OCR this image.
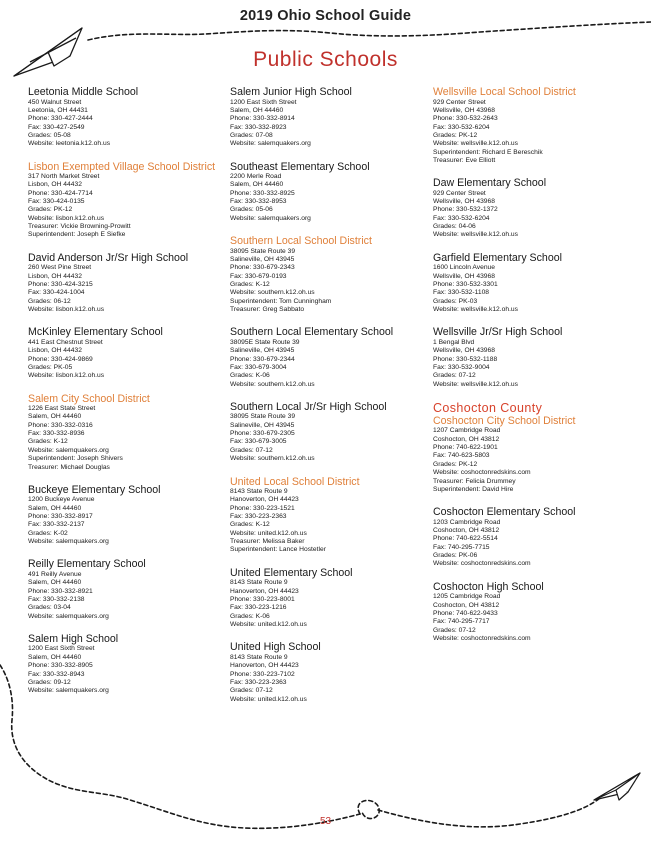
2019 Ohio School Guide
Public Schools
Leetonia Middle School
450 Walnut Street
Leetonia, OH 44431
Phone: 330-427-2444
Fax: 330-427-2549
Grades: 05-08
Website: leetonia.k12.oh.us
Lisbon Exempted Village School District
317 North Market Street
Lisbon, OH 44432
Phone: 330-424-7714
Fax: 330-424-0135
Grades: PK-12
Website: lisbon.k12.oh.us
Treasurer: Vickie Browning-Prowitt
Superintendent: Joseph E Siefke
David Anderson Jr/Sr High School
260 West Pine Street
Lisbon, OH 44432
Phone: 330-424-3215
Fax: 330-424-1004
Grades: 06-12
Website: lisbon.k12.oh.us
McKinley Elementary School
441 East Chestnut Street
Lisbon, OH 44432
Phone: 330-424-9869
Grades: PK-05
Website: lisbon.k12.oh.us
Salem City School District
1226 East State Street
Salem, OH 44460
Phone: 330-332-0316
Fax: 330-332-8936
Grades: K-12
Website: salemquakers.org
Superintendent: Joseph Shivers
Treasurer: Michael Douglas
Buckeye Elementary School
1200 Buckeye Avenue
Salem, OH 44460
Phone: 330-332-8917
Fax: 330-332-2137
Grades: K-02
Website: salemquakers.org
Reilly Elementary School
491 Reilly Avenue
Salem, OH 44460
Phone: 330-332-8921
Fax: 330-332-2138
Grades: 03-04
Website: salemquakers.org
Salem High School
1200 East Sixth Street
Salem, OH 44460
Phone: 330-332-8905
Fax: 330-332-8943
Grades: 09-12
Website: salemquakers.org
Salem Junior High School
1200 East Sixth Street
Salem, OH 44460
Phone: 330-332-8914
Fax: 330-332-8923
Grades: 07-08
Website: salemquakers.org
Southeast Elementary School
2200 Merle Road
Salem, OH 44460
Phone: 330-332-8925
Fax: 330-332-8953
Grades: 05-06
Website: salemquakers.org
Southern Local School District
38095 State Route 39
Salineville, OH 43945
Phone: 330-679-2343
Fax: 330-679-0193
Grades: K-12
Website: southern.k12.oh.us
Superintendent: Tom Cunningham
Treasurer: Greg Sabbato
Southern Local Elementary School
38095E State Route 39
Salineville, OH 43945
Phone: 330-679-2344
Fax: 330-679-3004
Grades: K-06
Website: southern.k12.oh.us
Southern Local Jr/Sr High School
38095 State Route 39
Salineville, OH 43945
Phone: 330-679-2305
Fax: 330-679-3005
Grades: 07-12
Website: southern.k12.oh.us
United Local School District
8143 State Route 9
Hanoverton, OH 44423
Phone: 330-223-1521
Fax: 330-223-2363
Grades: K-12
Website: united.k12.oh.us
Treasurer: Melissa Baker
Superintendent: Lance Hostetler
United Elementary School
8143 State Route 9
Hanoverton, OH 44423
Phone: 330-223-8001
Fax: 330-223-1216
Grades: K-06
Website: united.k12.oh.us
United High School
8143 State Route 9
Hanoverton, OH 44423
Phone: 330-223-7102
Fax: 330-223-2363
Grades: 07-12
Website: united.k12.oh.us
Wellsville Local School District
929 Center Street
Wellsville, OH 43968
Phone: 330-532-2643
Fax: 330-532-6204
Grades: PK-12
Website: wellsville.k12.oh.us
Superintendent: Richard E Bereschik
Treasurer: Eve Elliott
Daw Elementary School
929 Center Street
Wellsville, OH 43968
Phone: 330-532-1372
Fax: 330-532-6204
Grades: 04-06
Website: wellsville.k12.oh.us
Garfield Elementary School
1600 Lincoln Avenue
Wellsville, OH 43968
Phone: 330-532-3301
Fax: 330-532-1108
Grades: PK-03
Website: wellsville.k12.oh.us
Wellsville Jr/Sr High School
1 Bengal Blvd
Wellsville, OH 43968
Phone: 330-532-1188
Fax: 330-532-9004
Grades: 07-12
Website: wellsville.k12.oh.us
Coshocton County
Coshocton City School District
1207 Cambridge Road
Coshocton, OH 43812
Phone: 740-622-1901
Fax: 740-623-5803
Grades: PK-12
Website: coshoctonredskins.com
Treasurer: Felicia Drummey
Superintendent: David Hire
Coshocton Elementary School
1203 Cambridge Road
Coshocton, OH 43812
Phone: 740-622-5514
Fax: 740-295-7715
Grades: PK-06
Website: coshoctonredskins.com
Coshocton High School
1205 Cambridge Road
Coshocton, OH 43812
Phone: 740-622-9433
Fax: 740-295-7717
Grades: 07-12
Website: coshoctonredskins.com
53
